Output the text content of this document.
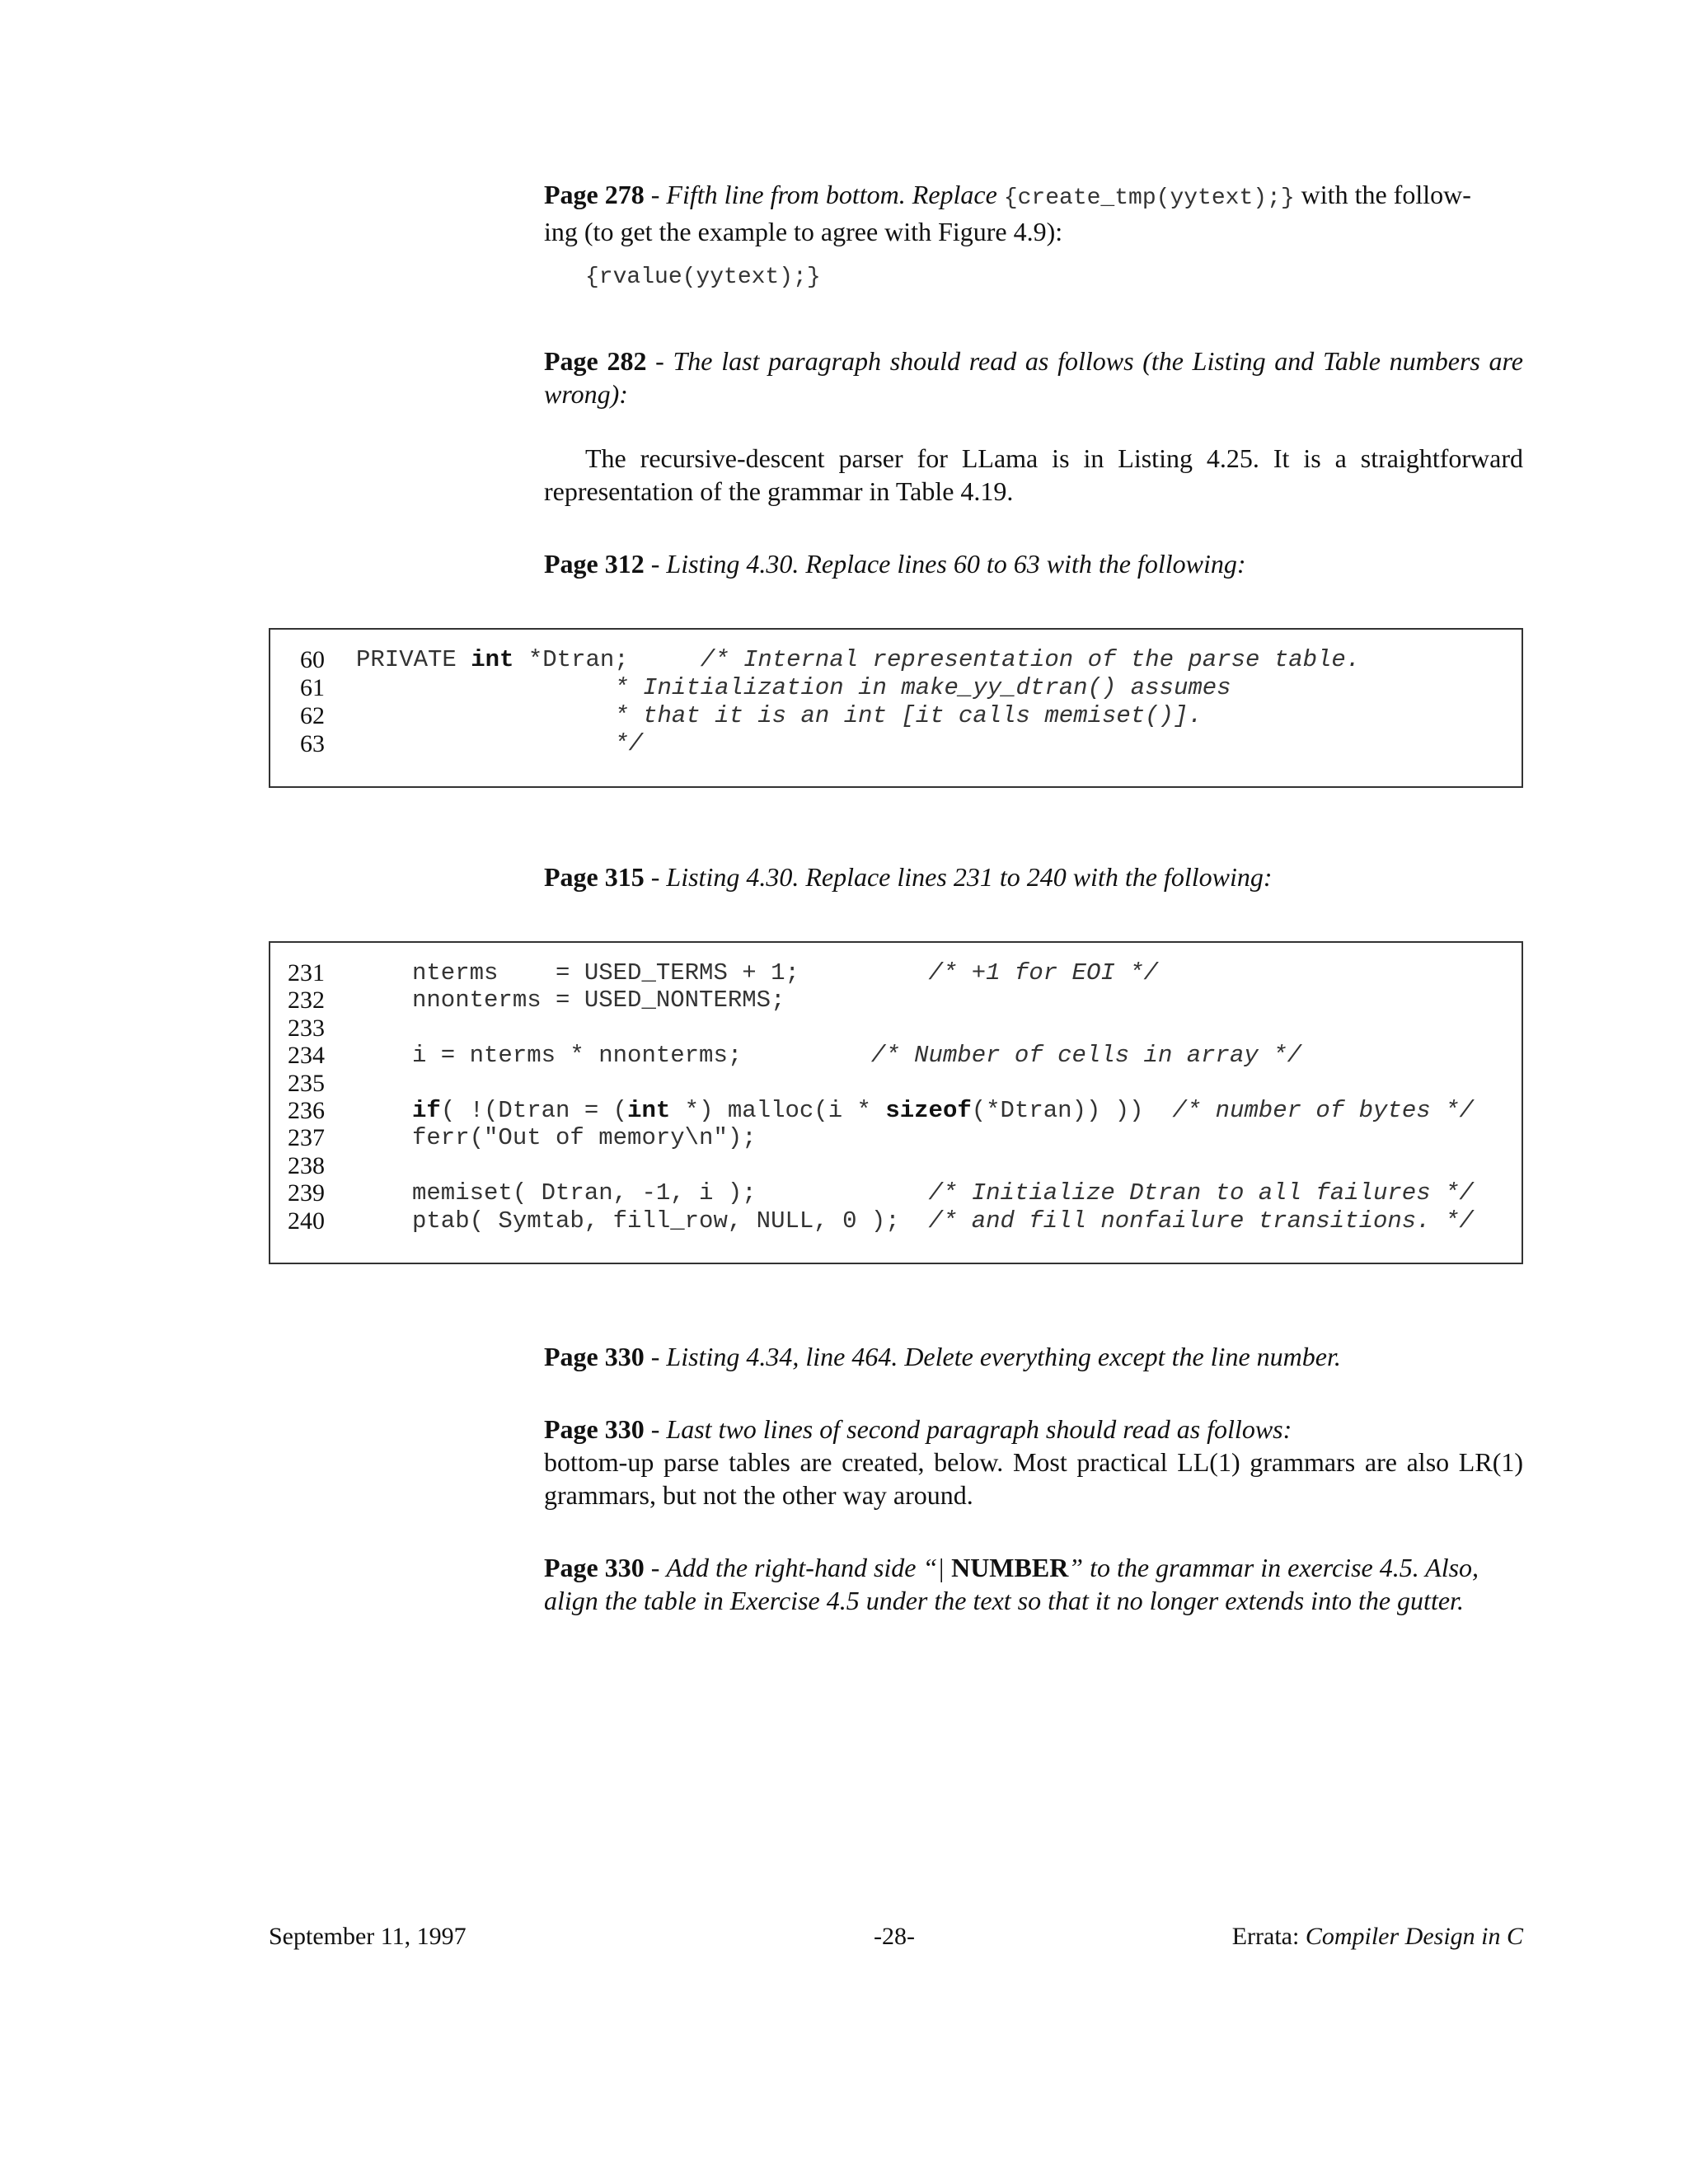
Page 278 - Fifth line from bottom. Replace {create_tmp(yytext);} with the follow-
ing (to get the example to agree with Figure 4.9):
{rvalue(yytext);}
Page 282 - The last paragraph should read as follows (the Listing and Table numbers are wrong):
The recursive-descent parser for LLama is in Listing 4.25. It is a straightforward representation of the grammar in Table 4.19.
Page 312 - Listing 4.30. Replace lines 60 to 63 with the following:
60 PRIVATE int *Dtran;     /* Internal representation of the parse table.
61 * Initialization in make_yy_dtran() assumes
62 * that it is an int [it calls memiset()].
63 */
Page 315 - Listing 4.30. Replace lines 231 to 240 with the following:
231	nterms    = USED_TERMS + 1;         /* +1 for EOI */
232	nnonterms = USED_NONTERMS;
233
234	i = nterms * nnonterms;         /* Number of cells in array */
235
236	if( !(Dtran = (int *) malloc(i * sizeof(*Dtran)) ))  /* number of bytes */
237	ferr("Out of memory\n");
238
239	memiset( Dtran, -1, i );            /* Initialize Dtran to all failures */
240	ptab( Symtab, fill_row, NULL, 0 );  /* and fill nonfailure transitions. */
Page 330 - Listing 4.34, line 464. Delete everything except the line number.
Page 330 - Last two lines of second paragraph should read as follows:
bottom-up parse tables are created, below. Most practical LL(1) grammars are also LR(1) grammars, but not the other way around.
Page 330 - Add the right-hand side “| NUMBER” to the grammar in exercise 4.5. Also, align the table in Exercise 4.5 under the text so that it no longer extends into the gutter.
September 11, 1997	-28-	Errata: Compiler Design in C
